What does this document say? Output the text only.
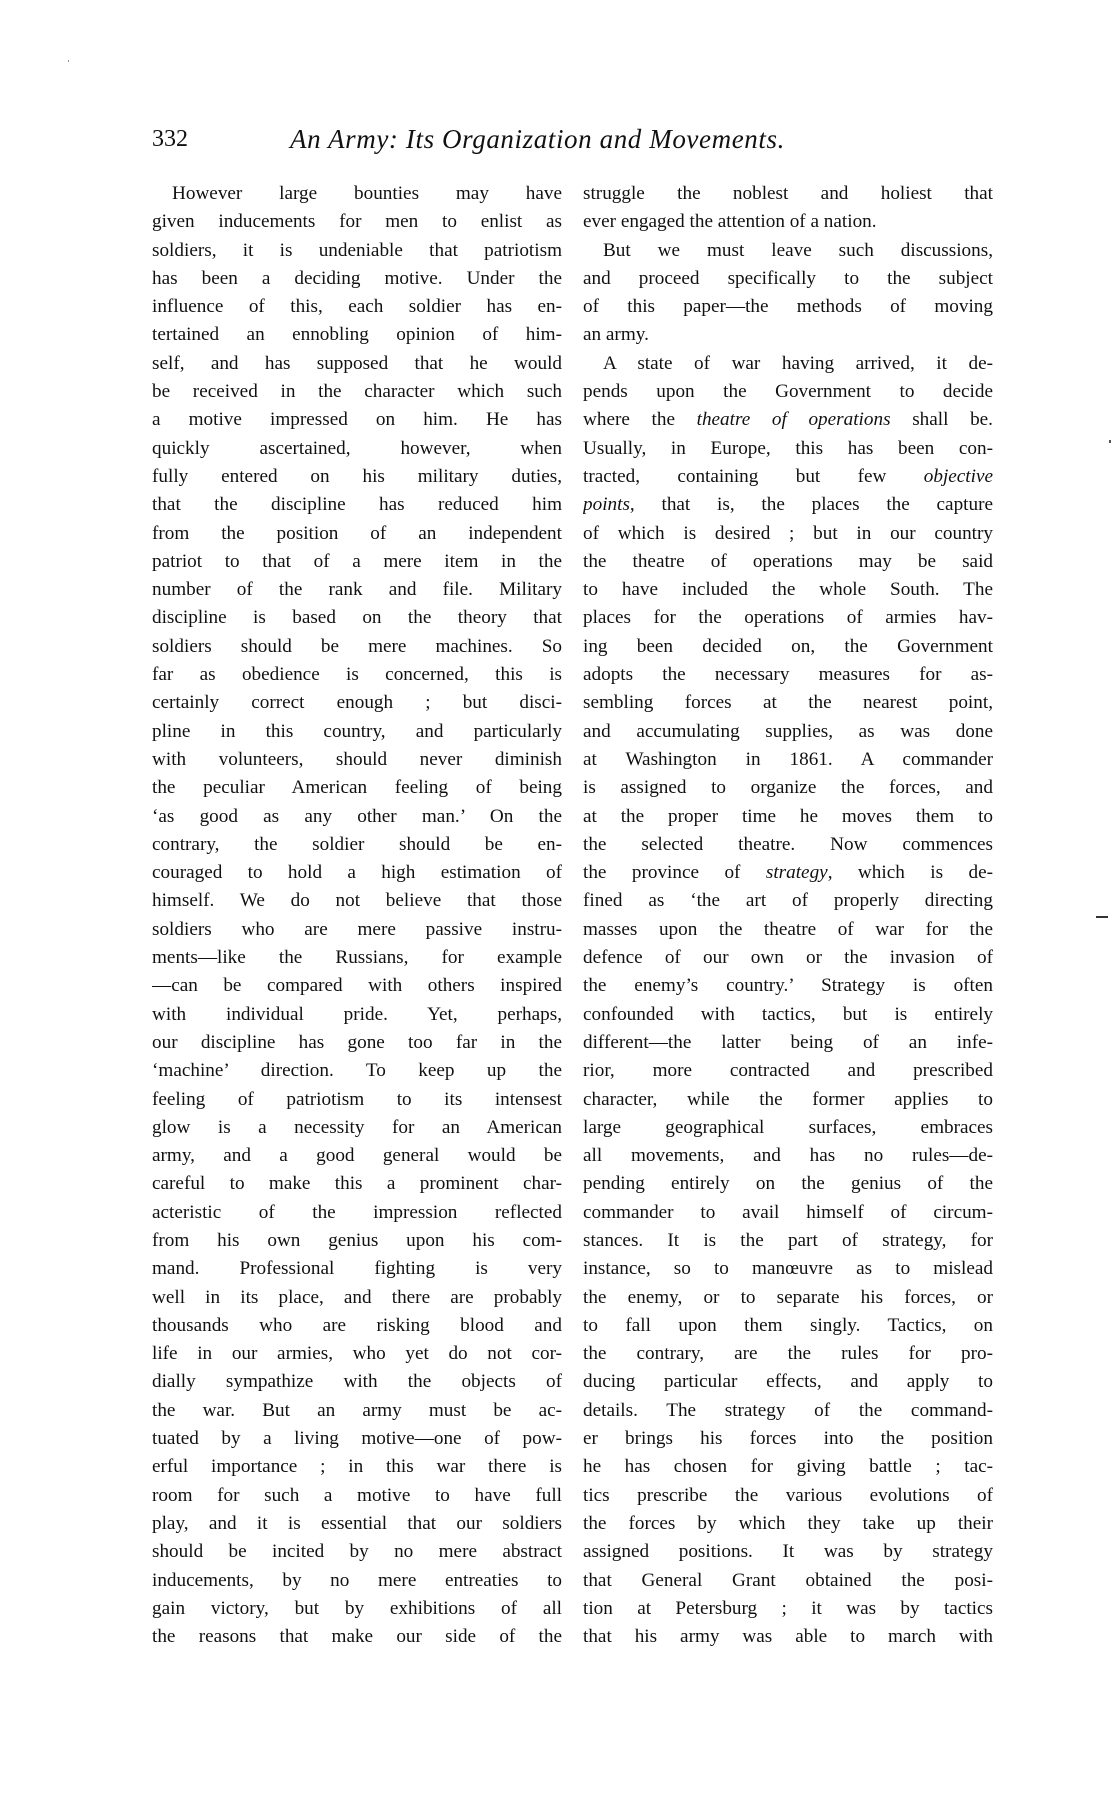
332	An Army: Its Organization and Movements.
However large bounties may have
given inducements for men to enlist as
soldiers, it is undeniable that patriotism
has been a deciding motive. Under the
influence of this, each soldier has en-
tertained an ennobling opinion of him-
self, and has supposed that he would
be received in the character which such
a motive impressed on him. He has
quickly ascertained, however, when
fully entered on his military duties,
that the discipline has reduced him
from the position of an independent
patriot to that of a mere item in the
number of the rank and file. Military
discipline is based on the theory that
soldiers should be mere machines. So
far as obedience is concerned, this is
certainly correct enough ; but disci-
pline in this country, and particularly
with volunteers, should never diminish
the peculiar American feeling of being
‘as good as any other man.’ On the
contrary, the soldier should be en-
couraged to hold a high estimation of
himself. We do not believe that those
soldiers who are mere passive instru-
ments—like the Russians, for example
—can be compared with others inspired
with individual pride. Yet, perhaps,
our discipline has gone too far in the
‘machine’ direction. To keep up the
feeling of patriotism to its intensest
glow is a necessity for an American
army, and a good general would be
careful to make this a prominent char-
acteristic of the impression reflected
from his own genius upon his com-
mand. Professional fighting is very
well in its place, and there are probably
thousands who are risking blood and
life in our armies, who yet do not cor-
dially sympathize with the objects of
the war. But an army must be ac-
tuated by a living motive—one of pow-
erful importance ; in this war there is
room for such a motive to have full
play, and it is essential that our soldiers
should be incited by no mere abstract
inducements, by no mere entreaties to
gain victory, but by exhibitions of all
the reasons that make our side of the
struggle the noblest and holiest that
ever engaged the attention of a nation.
But we must leave such discussions,
and proceed specifically to the subject
of this paper—the methods of moving
an army.
A state of war having arrived, it de-
pends upon the Government to decide
where the theatre of operations shall be.
Usually, in Europe, this has been con-
tracted, containing but few objective
points, that is, the places the capture
of which is desired ; but in our country
the theatre of operations may be said
to have included the whole South. The
places for the operations of armies hav-
ing been decided on, the Government
adopts the necessary measures for as-
sembling forces at the nearest point,
and accumulating supplies, as was done
at Washington in 1861. A commander
is assigned to organize the forces, and
at the proper time he moves them to
the selected theatre. Now commences
the province of strategy, which is de-
fined as ‘the art of properly directing
masses upon the theatre of war for the
defence of our own or the invasion of
the enemy’s country.’ Strategy is often
confounded with tactics, but is entirely
different—the latter being of an infe-
rior, more contracted and prescribed
character, while the former applies to
large geographical surfaces, embraces
all movements, and has no rules—de-
pending entirely on the genius of the
commander to avail himself of circum-
stances. It is the part of strategy, for
instance, so to manœuvre as to mislead
the enemy, or to separate his forces, or
to fall upon them singly. Tactics, on
the contrary, are the rules for pro-
ducing particular effects, and apply to
details. The strategy of the command-
er brings his forces into the position
he has chosen for giving battle ; tac-
tics prescribe the various evolutions of
the forces by which they take up their
assigned positions. It was by strategy
that General Grant obtained the posi-
tion at Petersburg ; it was by tactics
that his army was able to march with
